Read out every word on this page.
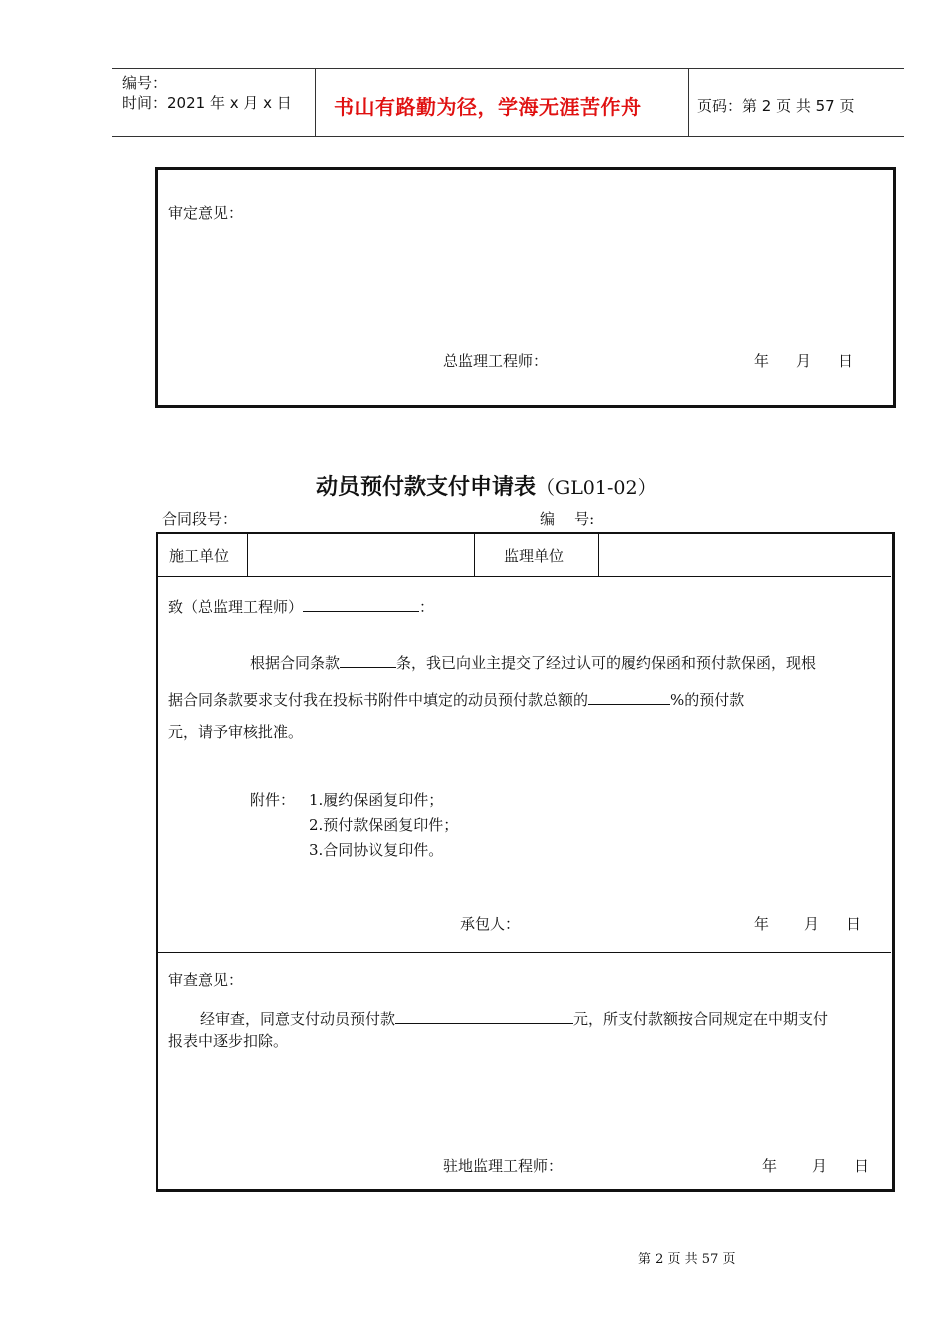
编号：
时间：2021 年 x 月 x 日 书山有路勤为径，学海无涯苦作舟	页码：第 2 页 共 57 页
审定意见：
总监理工程师：	年 月 日
动员预付款支付申请表（GL01-02）
合同段号：	编    号:
施工单位	监理单位
致（总监理工程师）	：
根据合同条款	条，我已向业主提交了经过认可的履约保函和预付款保函，现根
据合同条款要求支付我在投标书附件中填定的动员预付款总额的	%的预付款
元，请予审核批准。
附件： 1.履约保函复印件；
2.预付款保函复印件；
3.合同协议复印件。
承包人：	年 月 日
审查意见：
经审查，同意支付动员预付款	元，所支付款额按合同规定在中期支付
报表中逐步扣除。
驻地监理工程师：	年 月 日
第 2 页 共 57 页
